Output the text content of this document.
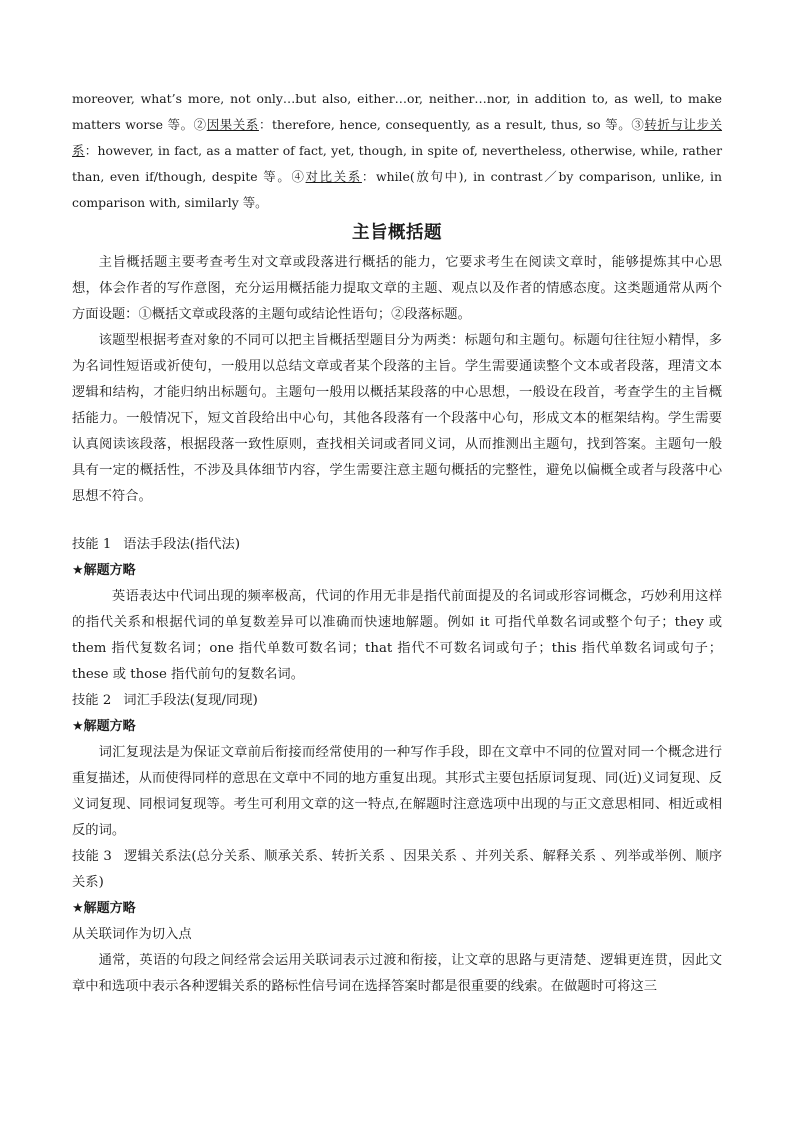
moreover, what’s more, not only…but also, either…or, neither…nor, in addition to, as well, to make matters worse 等。②因果关系：therefore, hence, consequently, as a result, thus, so 等。③转折与让步关系：however, in fact, as a matter of fact, yet, though, in spite of, nevertheless, otherwise, while, rather than, even if/though, despite 等。④对比关系：while(放句中), in contrast／by comparison, unlike, in comparison with, similarly 等。

主旨概括题

主旨概括题主要考查考生对文章或段落进行概括的能力，它要求考生在阅读文章时，能够提炼其中心思想，体会作者的写作意图，充分运用概括能力提取文章的主题、观点以及作者的情感态度。这类题通常从两个方面设题：①概括文章或段落的主题句或结论性语句；②段落标题。

该题型根据考查对象的不同可以把主旨概括型题目分为两类：标题句和主题句。标题句往往短小精悍，多为名词性短语或祈使句，一般用以总结文章或者某个段落的主旨。学生需要通读整个文本或者段落，理清文本逻辑和结构，才能归纳出标题句。主题句一般用以概括某段落的中心思想，一般设在段首，考查学生的主旨概括能力。一般情况下，短文首段给出中心句，其他各段落有一个段落中心句，形成文本的框架结构。学生需要认真阅读该段落，根据段落一致性原则，查找相关词或者同义词，从而推测出主题句，找到答案。主题句一般具有一定的概括性，不涉及具体细节内容，学生需要注意主题句概括的完整性，避免以偏概全或者与段落中心思想不符合。

技能 1 语法手段法(指代法)
★解题方略

英语表达中代词出现的频率极高，代词的作用无非是指代前面提及的名词或形容词概念，巧妙利用这样的指代关系和根据代词的单复数差异可以准确而快速地解题。例如 it 可指代单数名词或整个句子；they 或 them 指代复数名词；one 指代单数可数名词；that 指代不可数名词或句子；this 指代单数名词或句子；these 或 those 指代前句的复数名词。

技能 2 词汇手段法(复现/同现)
★解题方略

词汇复现法是为保证文章前后衔接而经常使用的一种写作手段，即在文章中不同的位置对同一个概念进行重复描述，从而使得同样的意思在文章中不同的地方重复出现。其形式主要包括原词复现、同(近)义词复现、反义词复现、同根词复现等。考生可利用文章的这一特点,在解题时注意选项中出现的与正文意思相同、相近或相反的词。

技能 3 逻辑关系法(总分关系、顺承关系、转折关系 、因果关系 、并列关系、解释关系 、列举或举例、顺序关系)
★解题方略
从关联词作为切入点

通常，英语的句段之间经常会运用关联词表示过渡和衔接，让文章的思路与更清楚、逻辑更连贯，因此文章中和选项中表示各种逻辑关系的路标性信号词在选择答案时都是很重要的线索。在做题时可将这三
